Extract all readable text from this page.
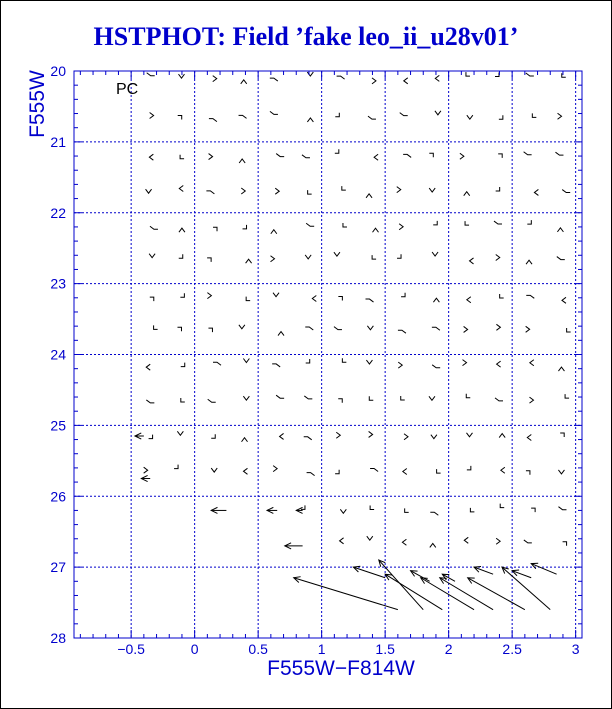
HSTPHOT: Field ’fake leo_ii_u28v01’
−0.5	0	0.5	1	1.5	2	2.5	3
20
21
22
23
24
25
26
27
28
PC
F555W−F814W
F555W
